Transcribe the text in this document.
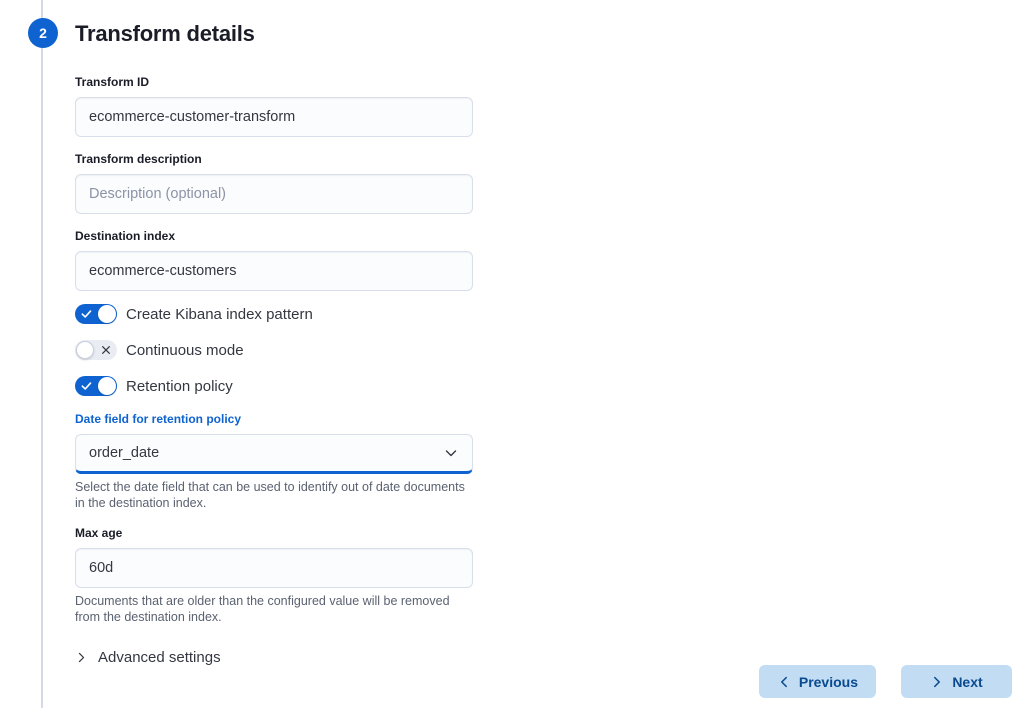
2 Transform details
Transform ID
ecommerce-customer-transform
Transform description
Description (optional)
Destination index
ecommerce-customers
Create Kibana index pattern
Continuous mode
Retention policy
Date field for retention policy
order_date
Select the date field that can be used to identify out of date documents in the destination index.
Max age
60d
Documents that are older than the configured value will be removed from the destination index.
Advanced settings
Previous	Next
